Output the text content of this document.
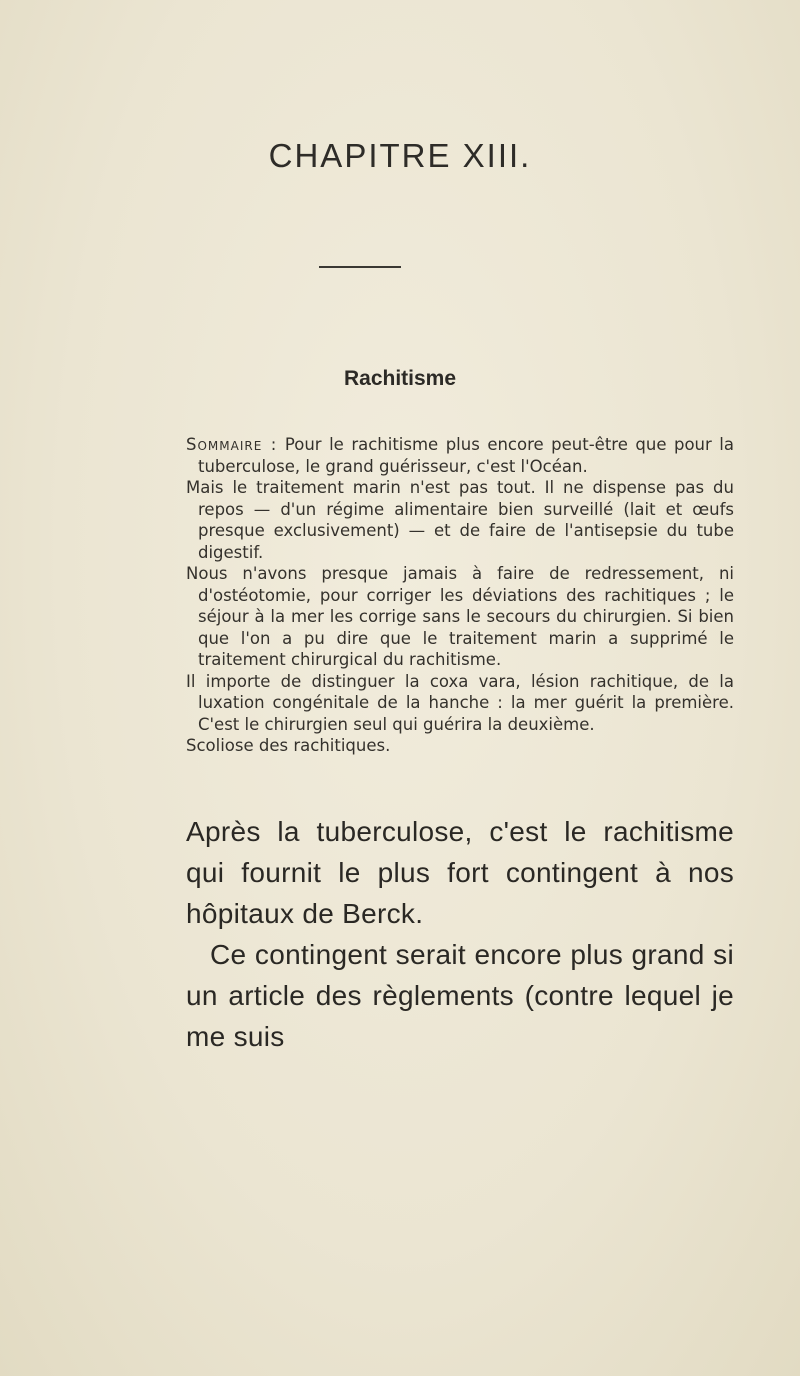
CHAPITRE XIII.
Rachitisme

Sommaire : Pour le rachitisme plus encore peut-être que pour la tuberculose, le grand guérisseur, c'est l'Océan.

Mais le traitement marin n'est pas tout. Il ne dispense pas du repos — d'un régime alimentaire bien surveillé (lait et œufs presque exclusivement) — et de faire de l'antisepsie du tube digestif.

Nous n'avons presque jamais à faire de redressement, ni d'ostéotomie, pour corriger les déviations des rachitiques ; le séjour à la mer les corrige sans le secours du chirurgien. Si bien que l'on a pu dire que le traitement marin a supprimé le traitement chirurgical du rachitisme.

Il importe de distinguer la coxa vara, lésion rachitique, de la luxation congénitale de la hanche : la mer guérit la première. C'est le chirurgien seul qui guérira la deuxième.

Scoliose des rachitiques.

Après la tuberculose, c'est le rachitisme qui fournit le plus fort contingent à nos hôpitaux de Berck.

Ce contingent serait encore plus grand si un article des règlements (contre lequel je me suis
